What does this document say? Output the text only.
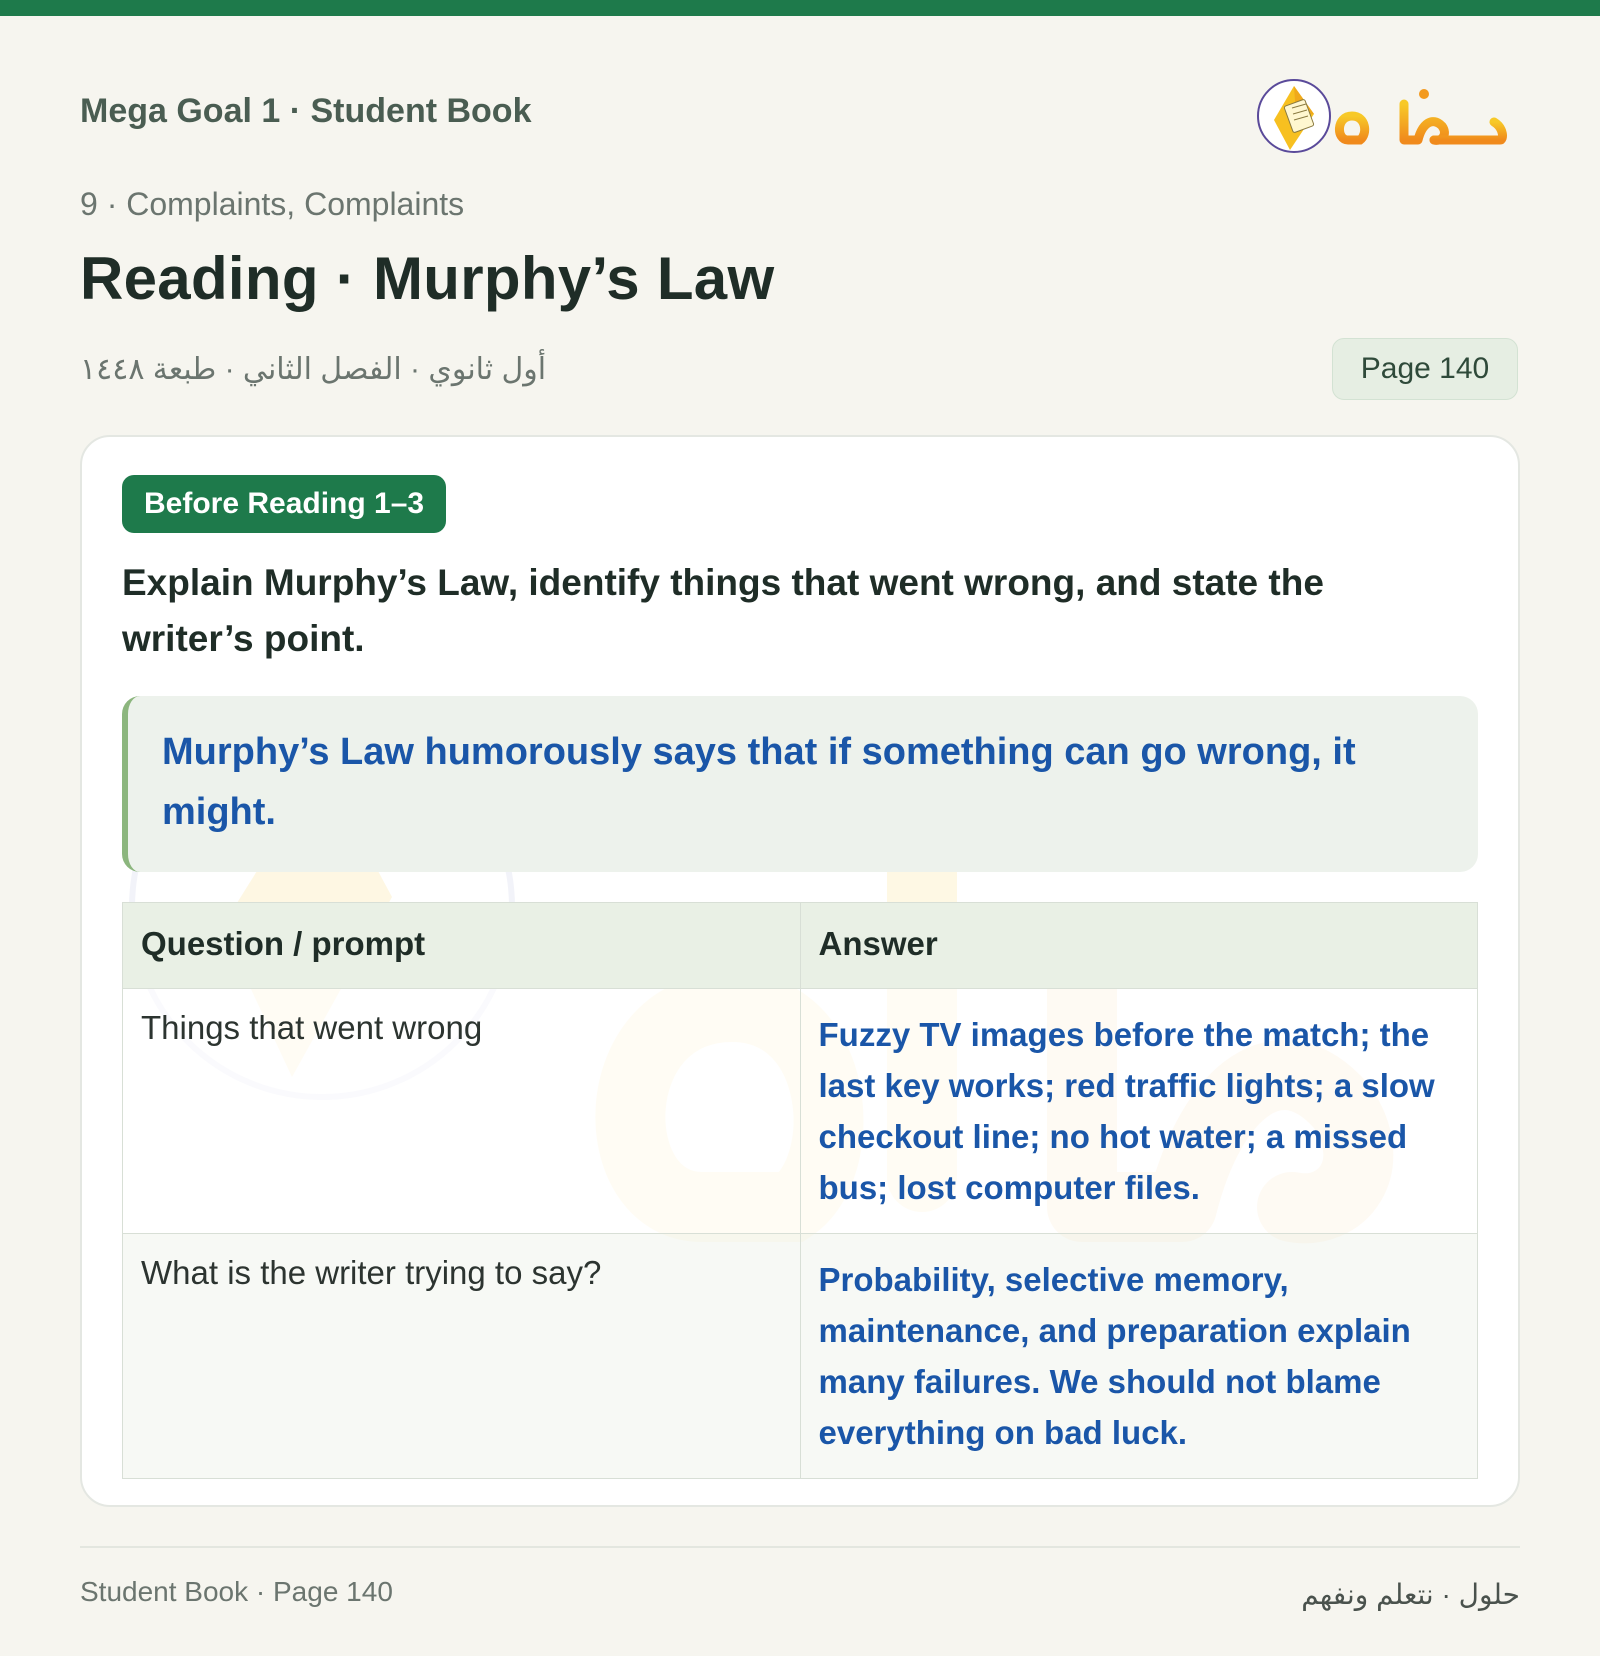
Mega Goal 1 · Student Book
9 · Complaints, Complaints
Reading · Murphy’s Law
أول ثانوي · الفصل الثاني · طبعة ١٤٤٨	Page 140
Before Reading 1–3
Explain Murphy’s Law, identify things that went wrong, and state the writer’s point.
Murphy’s Law humorously says that if something can go wrong, it might.
Question / prompt	Answer
Things that went wrong	Fuzzy TV images before the match; the last key works; red traffic lights; a slow checkout line; no hot water; a missed bus; lost computer files.
What is the writer trying to say?	Probability, selective memory, maintenance, and preparation explain many failures. We should not blame everything on bad luck.
Student Book · Page 140	حلول · نتعلم ونفهم
